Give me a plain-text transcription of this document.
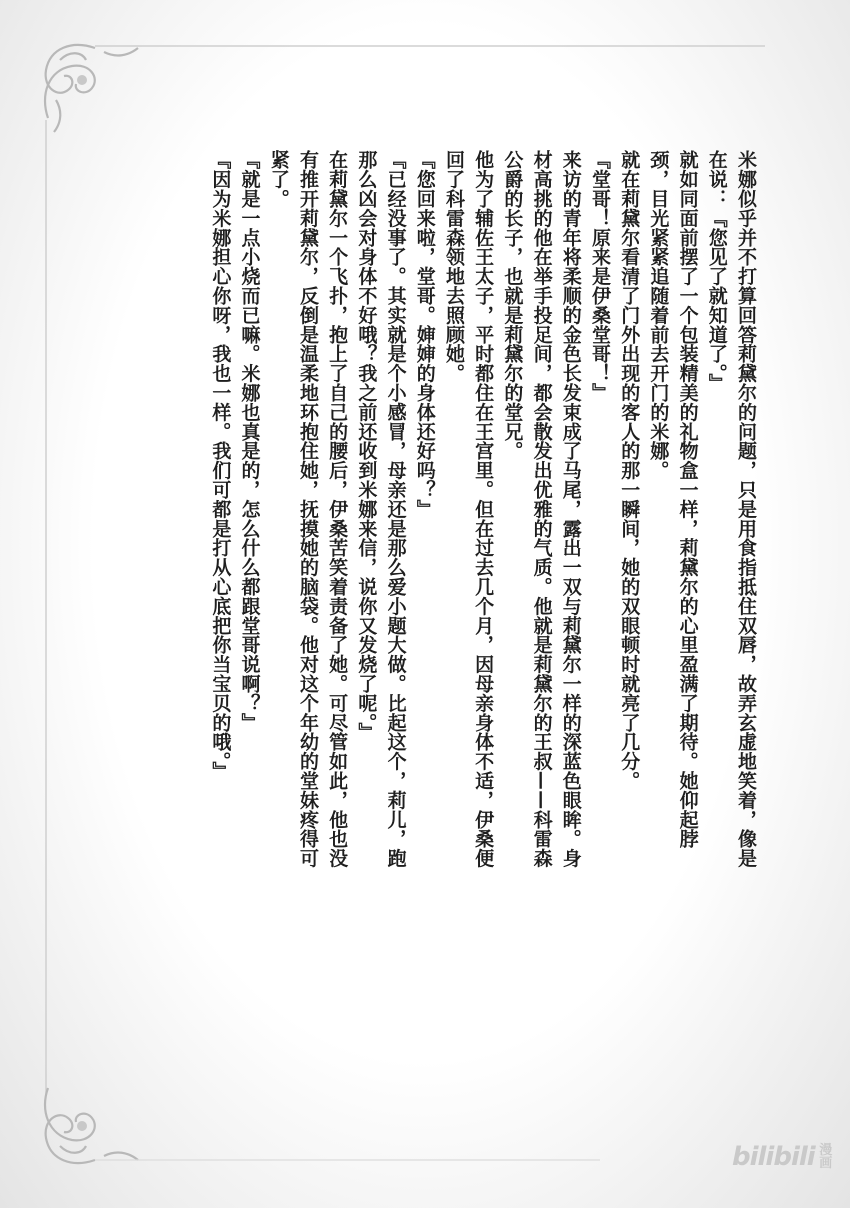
米娜似乎并不打算回答莉黛尔的问题，只是用食指抵住双唇，故弄玄虚地笑着，像是在说：『您见了就知道了。』

就如同面前摆了一个包装精美的礼物盒一样，莉黛尔的心里盈满了期待。她仰起脖颈，目光紧紧追随着前去开门的米娜。

就在莉黛尔看清了门外出现的客人的那一瞬间，她的双眼顿时就亮了几分。

『堂哥！原来是伊桑堂哥！』

来访的青年将柔顺的金色长发束成了马尾，露出一双与莉黛尔一样的深蓝色眼眸。身材高挑的他在举手投足间，都会散发出优雅的气质。他就是莉黛尔的王叔——科雷森公爵的长子，也就是莉黛尔的堂兄。

他为了辅佐王太子，平时都住在王宫里。但在过去几个月，因母亲身体不适，伊桑便回了科雷森领地去照顾她。

『您回来啦，堂哥。婶婶的身体还好吗？』

『已经没事了。其实就是个小感冒，母亲还是那么爱小题大做。比起这个，莉儿，跑那么凶会对身体不好哦？我之前还收到米娜来信，说你又发烧了呢。』

在莉黛尔一个飞扑，抱上了自己的腰后，伊桑苦笑着责备了她。可尽管如此，他也没有推开莉黛尔，反倒是温柔地环抱住她，抚摸她的脑袋。他对这个年幼的堂妹疼得可紧了。

『就是一点小烧而已嘛。米娜也真是的，怎么什么都跟堂哥说啊？』

『因为米娜担心你呀，我也一样。我们可都是打从心底把你当宝贝的哦。』

bilibili 漫画
